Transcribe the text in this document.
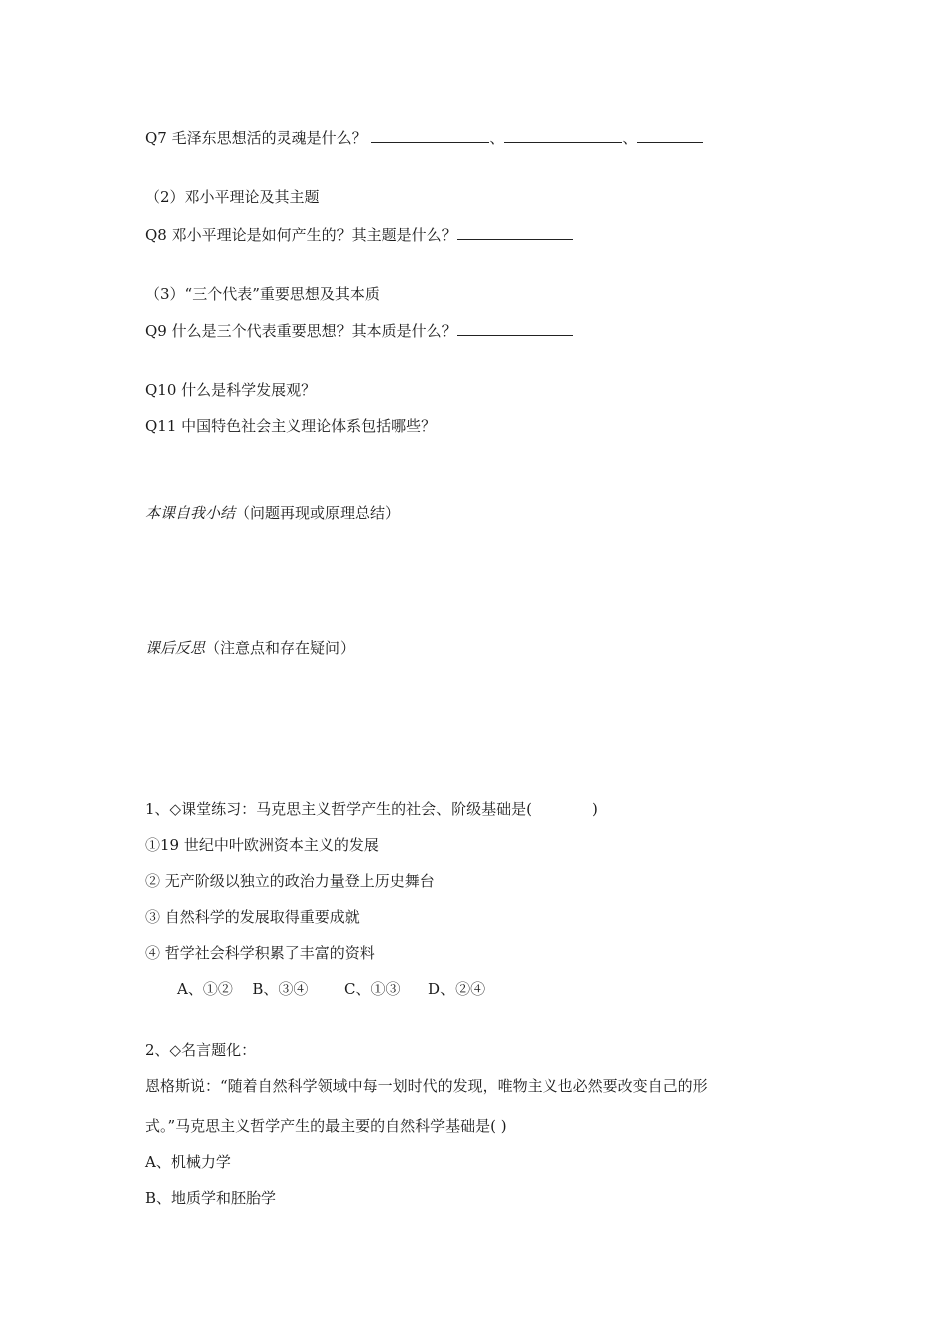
Q7 毛泽东思想活的灵魂是什么？	、	、
（2）邓小平理论及其主题
Q8 邓小平理论是如何产生的？其主题是什么？
（3）“三个代表”重要思想及其本质
Q9 什么是三个代表重要思想？其本质是什么？
Q10 什么是科学发展观？
Q11 中国特色社会主义理论体系包括哪些？
本课自我小结（问题再现或原理总结）
课后反思（注意点和存在疑问）
1、◇课堂练习：马克思主义哲学产生的社会、阶级基础是(	)
①19 世纪中叶欧洲资本主义的发展
② 无产阶级以独立的政治力量登上历史舞台
③ 自然科学的发展取得重要成就
④ 哲学社会科学积累了丰富的资料
A、①② B、③④ C、①③ D、②④
2、◇名言题化：
恩格斯说：“随着自然科学领域中每一划时代的发现，唯物主义也必然要改变自己的形
式。”马克思主义哲学产生的最主要的自然科学基础是( )
A、机械力学
B、地质学和胚胎学
